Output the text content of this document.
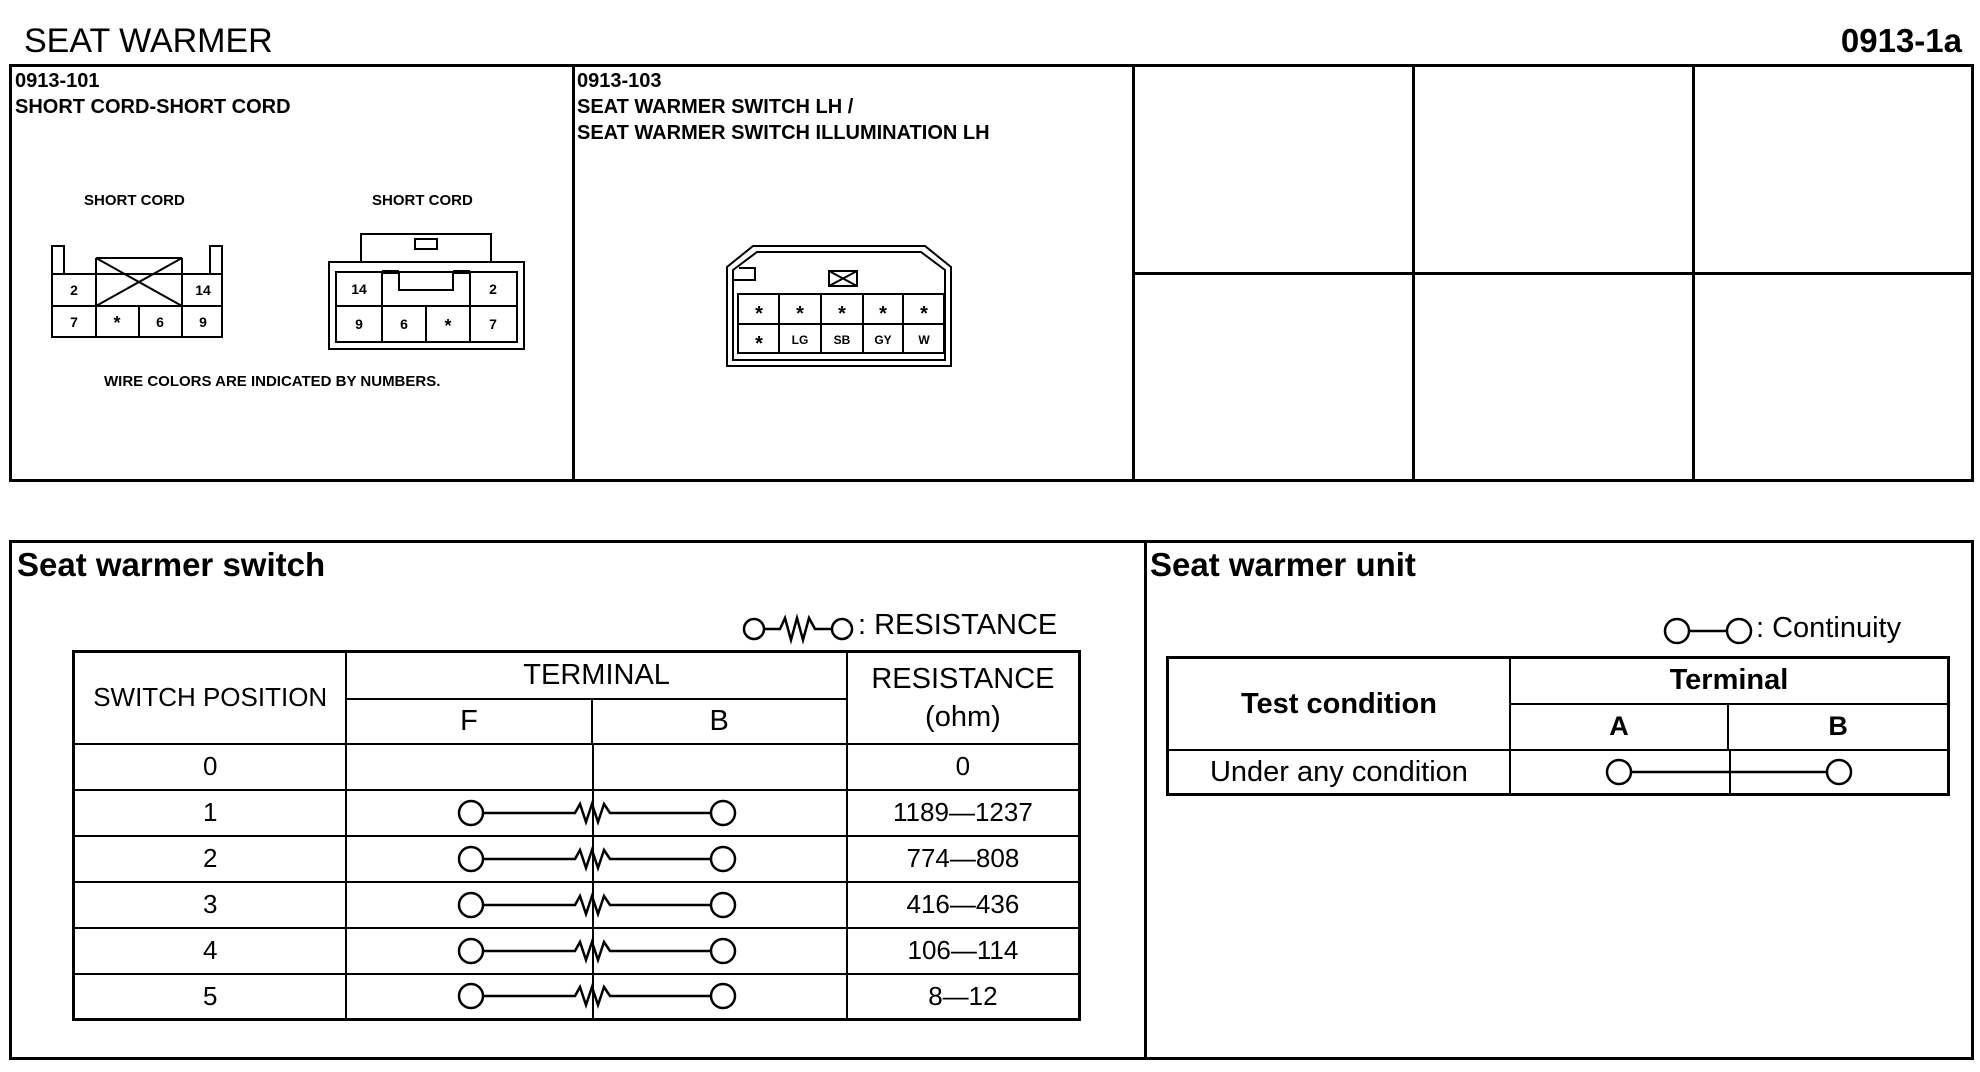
SEAT WARMER	0913-1a
0913-101
SHORT CORD-SHORT CORD
SHORT CORD	SHORT CORD
WIRE COLORS ARE INDICATED BY NUMBERS.
2	14
7 *	6	9
14	2
9	6 *	7
0913-103
SEAT WARMER SWITCH LH /
SEAT WARMER SWITCH ILLUMINATION LH
* * * * *
* LG SB GY W
Seat warmer switch
: RESISTANCE
SWITCH POSITION	TERMINAL		RESISTANCE
(ohm)

	F	B	
0			0
1			1189—1237
2			774—808
3			416—436
4			106—114
5			8—12
Seat warmer unit
: Continuity
Test condition	Terminal	
	A	B
Under any condition	
